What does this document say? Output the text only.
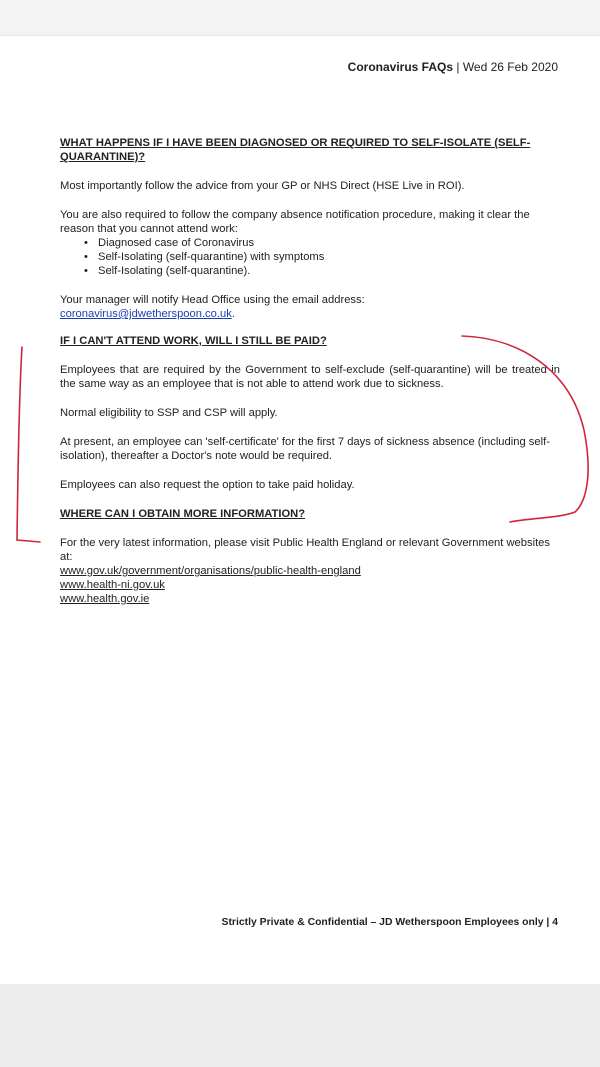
Coronavirus FAQs | Wed 26 Feb 2020

WHAT HAPPENS IF I HAVE BEEN DIAGNOSED OR REQUIRED TO SELF-ISOLATE (SELF-QUARANTINE)?

Most importantly follow the advice from your GP or NHS Direct (HSE Live in ROI).

You are also required to follow the company absence notification procedure, making it clear the reason that you cannot attend work:

• Diagnosed case of Coronavirus
• Self-Isolating (self-quarantine) with symptoms
• Self-Isolating (self-quarantine).

Your manager will notify Head Office using the email address:

coronavirus@jdwetherspoon.co.uk.

IF I CAN'T ATTEND WORK, WILL I STILL BE PAID?

Employees that are required by the Government to self-exclude (self-quarantine) will be treated in the same way as an employee that is not able to attend work due to sickness.

Normal eligibility to SSP and CSP will apply.

At present, an employee can 'self-certificate' for the first 7 days of sickness absence (including self-isolation), thereafter a Doctor's note would be required.

Employees can also request the option to take paid holiday.

WHERE CAN I OBTAIN MORE INFORMATION?

For the very latest information, please visit Public Health England or relevant Government websites at:

www.gov.uk/government/organisations/public-health-england
www.health-ni.gov.uk
www.health.gov.ie
Strictly Private & Confidential – JD Wetherspoon Employees only | 4
